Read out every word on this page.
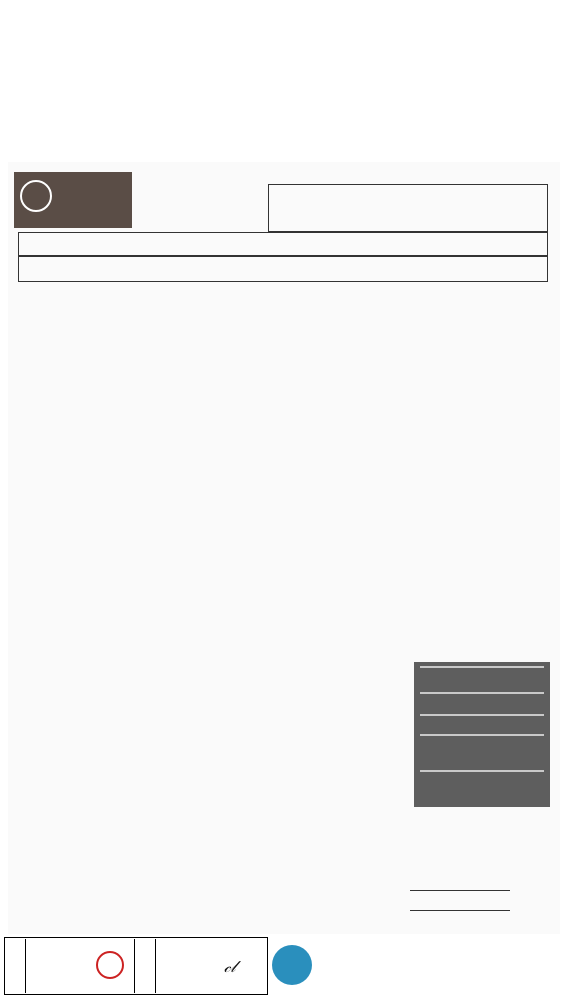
𝒸𝓁
